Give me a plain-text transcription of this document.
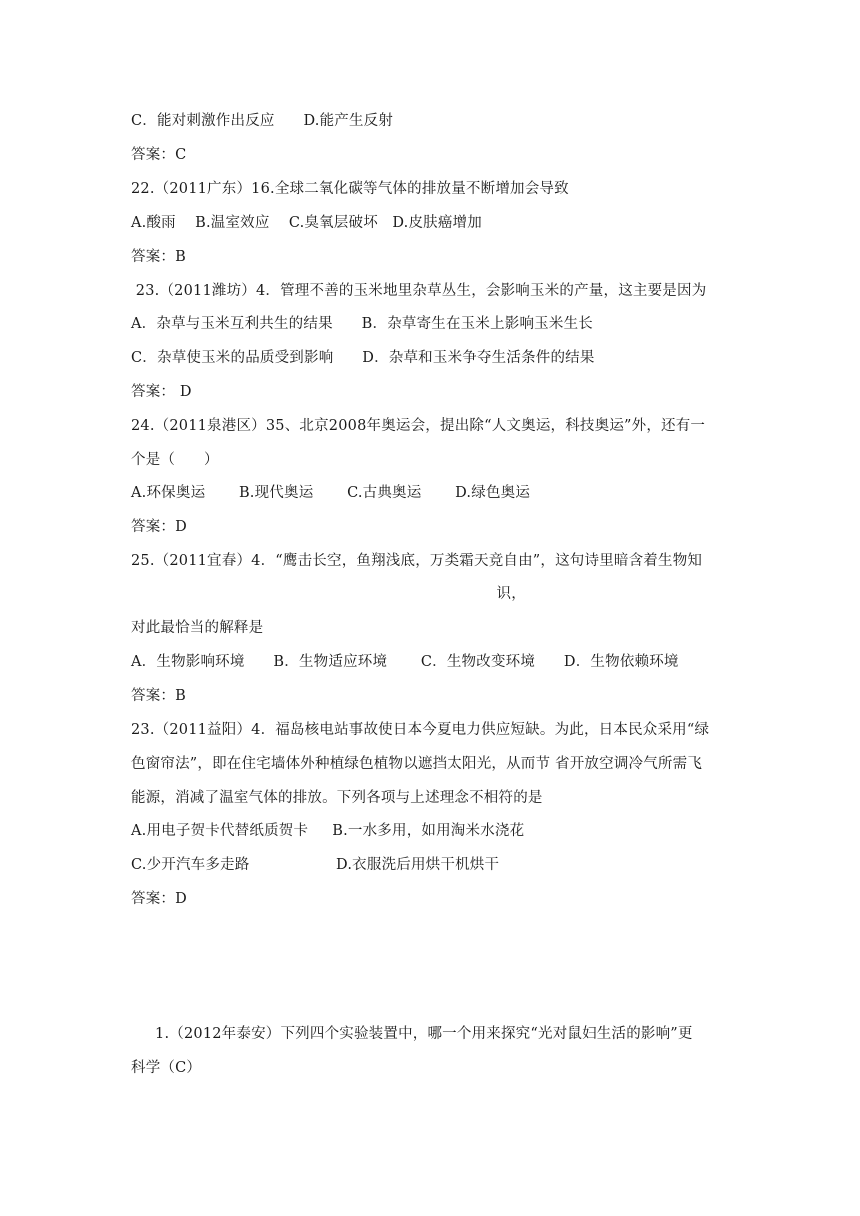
C．能对刺激作出反应      D.能产生反射
答案：C
22.（2011广东）16.全球二氧化碳等气体的排放量不断增加会导致
A.酸雨    B.温室效应    C.臭氧层破坏   D.皮肤癌增加
答案：B
23.（2011潍坊）4．管理不善的玉米地里杂草丛生，会影响玉米的产量，这主要是因为
A．杂草与玉米互利共生的结果      B．杂草寄生在玉米上影响玉米生长
C．杂草使玉米的品质受到影响      D．杂草和玉米争夺生活条件的结果
答案： D
24.（2011泉港区）35、北京2008年奥运会，提出除“人文奥运，科技奥运”外，还有一
个是（      ）
A.环保奥运       B.现代奥运       C.古典奥运       D.绿色奥运
答案：D
25.（2011宜春）4．“鹰击长空，鱼翔浅底，万类霜天竞自由”，这句诗里暗含着生物知
识，
对此最恰当的解释是
A．生物影响环境      B．生物适应环境       C．生物改变环境      D．生物依赖环境
答案：B
23.（2011益阳）4．福岛核电站事故使日本今夏电力供应短缺。为此，日本民众采用“绿
色窗帘法”，即在住宅墙体外种植绿色植物以遮挡太阳光，从而节 省开放空调冷气所需飞
能源，消减了温室气体的排放。下列各项与上述理念不相符的是
A.用电子贺卡代替纸质贺卡     B.一水多用，如用淘米水浇花
C.少开汽车多走路                  D.衣服洗后用烘干机烘干
答案：D
1.（2012年泰安）下列四个实验装置中，哪一个用来探究“光对鼠妇生活的影响”更
科学（C）
